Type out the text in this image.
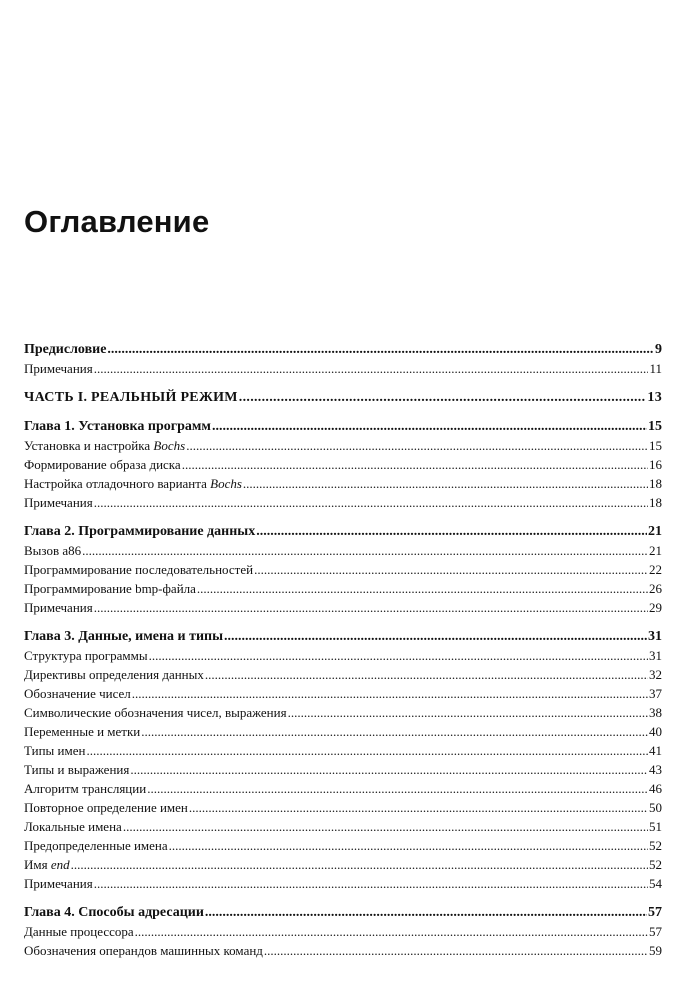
Оглавление
Предисловие .....	9
Примечания .....	11
ЧАСТЬ I. РЕАЛЬНЫЙ РЕЖИМ .....	13
Глава 1. Установка программ .....	15
Установка и настройка Bochs .....	15
Формирование образа диска .....	16
Настройка отладочного варианта Bochs .....	18
Примечания .....	18
Глава 2. Программирование данных .....	21
Вызов a86 .....	21
Программирование последовательностей .....	22
Программирование bmp-файла .....	26
Примечания .....	29
Глава 3. Данные, имена и типы .....	31
Структура программы .....	31
Директивы определения данных .....	32
Обозначение чисел .....	37
Символические обозначения чисел, выражения .....	38
Переменные и метки .....	40
Типы имен .....	41
Типы и выражения .....	43
Алгоритм трансляции .....	46
Повторное определение имен .....	50
Локальные имена .....	51
Предопределенные имена .....	52
Имя end .....	52
Примечания .....	54
Глава 4. Способы адресации .....	57
Данные процессора .....	57
Обозначения операндов машинных команд .....	59
